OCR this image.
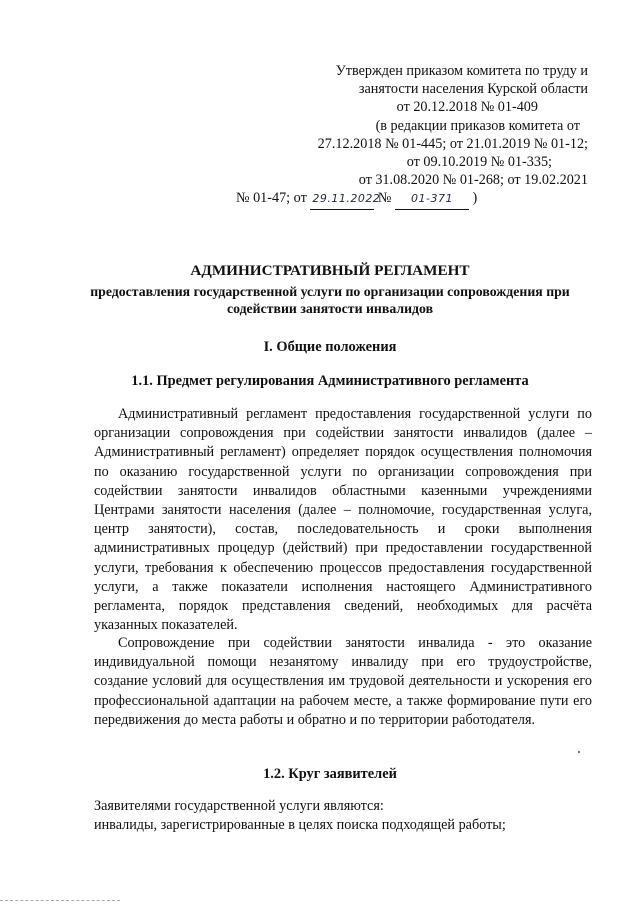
Утвержден приказом комитета по труду и
занятости населения Курской области
от 20.12.2018 № 01-409
(в редакции приказов комитета от
27.12.2018 № 01-445; от 21.01.2019 № 01-12;
от 09.10.2019 № 01-335;
от 31.08.2020 № 01-268; от 19.02.2021
№ 01-47; от 29.11.2022 № 01-371 )
АДМИНИСТРАТИВНЫЙ РЕГЛАМЕНТ
предоставления государственной услуги по организации сопровождения при
содействии занятости инвалидов
I. Общие положения
1.1. Предмет регулирования Административного регламента

Административный регламент предоставления государственной услуги по организации сопровождения при содействии занятости инвалидов (далее – Административный регламент) определяет порядок осуществления полномочия по оказанию государственной услуги по организации сопровождения при содействии занятости инвалидов областными казенными учреждениями Центрами занятости населения (далее – полномочие, государственная услуга, центр занятости), состав, последовательность и сроки выполнения административных процедур (действий) при предоставлении государственной услуги, требования к обеспечению процессов предоставления государственной услуги, а также показатели исполнения настоящего Административного регламента, порядок представления сведений, необходимых для расчёта указанных показателей.

Сопровождение при содействии занятости инвалида - это оказание индивидуальной помощи незанятому инвалиду при его трудоустройстве, создание условий для осуществления им трудовой деятельности и ускорения его профессиональной адаптации на рабочем месте, а также формирование пути его передвижения до места работы и обратно и по территории работодателя.

1.2. Круг заявителей

Заявителями государственной услуги являются:

инвалиды, зарегистрированные в целях поиска подходящей работы;
